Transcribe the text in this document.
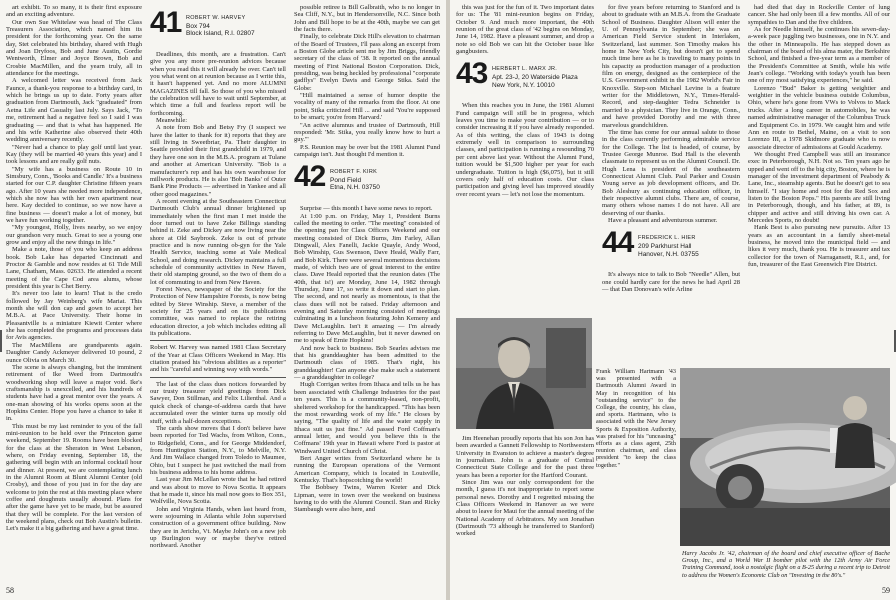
art exhibit. To so many, it is their first exposure and an exciting adventure.

Our own Sue Whitelaw was head of The Class Treasurers Association, which named him its president for the forthcoming year. On the same day, Stet celebrated his birthday, shared with Hugh and Joan Dryfoos, Bob and June Austin, Gordie Wentworth, Elmer and Joyce Brown, Bob and Crosbie MacMillen, and the yearn truly, all in attendance for the meetings.

A welcomed letter was received from Jack Faunce, a thank-you response to a birthday card, in which he brings us up to date. Forty years after graduation from Dartmouth, Jack "graduated" from Aetna Life and Casualty last July. Says Jack, "To me, retirement had a negative feel so I said I was graduating — and that is what has happened. He and his wife Katherine also observed their 40th wedding anniversary recently.

"Never had a chance to play golf until last year. Kay (they will be married 40 years this year) and I took lessons and are really golf nuts.

"My wife has a business on Route 10 in Simsbury, Conn., 'Books and Candle.' It's a business started for our C.P. daughter Christine fifteen years ago. After 10 years she needed more independence, which she now has with her own apartment near here. Kay decided to continue, so we now have a fine business — doesn't make a lot of money, but we have fun working together.

"My youngest, Holly, lives nearby, so we enjoy our grandson very much. Great to see a young one grow and enjoy all the new things in life."

Make a note, those of you who keep an address book. Bob Lake has departed Cincinnati and Proctor & Gamble and now resides at 61 Tide Mill Lane, Chatham, Mass. 02633. He attended a recent meeting of the Cape Cod area alums, whose president this year is Chet Berry.

It's never too late to learn! That is the credo followed by Jay Weinberg's wife Mariat. This month she will don cap and gown to accept her M.B.A. at Pace University. Their home in Pleasantville is a miniature Kiewit Center where she has completed the programs and processes data for Avis agencies.

The MacMillens are grandparents again. Daughter Candy Ackmeyer delivered 10 pound, 2 ounce Olivia on March 30.

The scene is always changing, but the imminent retirement of Ike Weed from Dartmouth's woodworking shop will leave a major void. Ike's craftsmanship is unexcelled, and his hundreds of students have had a great mentor over the years. A one-man showing of his works opens soon at the Hopkins Center. Hope you have a chance to take it in.

This must be my last reminder to you of the fall mini-reunion to be held over the Princeton game weekend, September 19. Rooms have been blocked for the class at the Sheraton in West Lebanon, where, on Friday evening, September 18, the gathering will begin with an informal cocktail hour and dinner. At present, we are contemplating lunch in the Alumni Room at Blunt Alumni Center (old Crosby), and those of you just in for the day are welcome to join the rest at this meeting place where coffee and doughnuts usually abound. Plans for after the game have yet to be made, but be assured that they will be complete. For the last version of the weekend plans, check out Bob Austin's bulletin. Let's make it a big gathering and have a great time.

41 ROBERT W. HARVEY
Box 794
Block Island, R.I. 02807

Deadlines, this month, are a frustration. Can't give you any more pre-reunion advices because when you read this it will already be over. Can't tell you what went on at reunion because as I write this, it hasn't happened yet. And no more ALUMNI MAGAZINES till fall. So those of you who missed the celebration will have to wait until September, at which time a full and fearless report will be forthcoming.

Meanwhile:

A note from Bob and Betsy Fry (I suspect we have the latter to thank for it) reports that they are still living in Sweetbriar, Pa. Their daughter in Seattle provided their first grandchild in 1979, and they have one son in the M.B.A. program at Tulane and another at American University. "Bob is a manufacturer's rep and has his own warehouse for millwork products. He is also 'Bob Banks' of Outer Bank Pine Products — advertised in Yankee and all other good magazines."

A recent evening at the Southeastern Connecticut Dartmouth Club's annual dinner brightened up immediately when the first man I met inside the door turned out to have Zeke Billings standing behind it. Zeke and Dickey are now living near the shore at Old Saybrook. Zeke is out of private practice and is now running ob-gyn for the Yale Health Service, teaching some at Yale Medical School, and doing research. Dickey maintains a full schedule of community activities in New Haven, their old stamping ground, so the two of them do a lot of commuting to and from New Haven.

Forest News, newspaper of the Society for the Protection of New Hampshire Forests, is now being edited by Steve Winship. Steve, a member of the society for 25 years and on its publications committee, was named to replace the retiring education director, a job which includes editing all its publications.

Robert W. Harvey was named 1981 Class Secretary of the Year at Class Officers Weekend in May. His citation praised his "obvious abilities as a reporter" and his "careful and winning way with words."

The last of the class dues notices forwarded by our trusty treasurer yield greetings from Dick Sawyer, Don Stillman, and Felix Lilienthal. And a quick check of change-of-address cards that have accumulated over the winter turns up mostly old stuff, with a half-dozen exceptions.

The cards show moves that I don't believe have been reported for Ted Wachs, from Wilton, Conn., to Ridgefield, Conn., and for George Middendorf, from Huntington Station, N.Y., to Melville, N.Y. And Jim Wallace changed from Toledo to Maumee, Ohio, but I suspect he just switched the mail from his business address to his home address.

Last year Jim McLellan wrote that he had retired and was about to move to Nova Scotia. It appears that he made it, since his mail now goes to Box 351, Wolfville, Nova Scotia.

John and Virginia Hands, when last heard from, were sojourning in Atlanta while John supervised construction of a government office building. Now they are in Jericho, Vt. Maybe John's on a new job up Burlington way or maybe they've retired northward. Another

possible retiree is Bill Galbraith, who is no longer in Sea Cliff, N.Y., but in Hendersonville, N.C. Since both John and Bill hope to be at the 40th, maybe we can get the facts there.

Finally, to celebrate Dick Hill's elevation to chairman of the Board of Trustees, I'll pass along an excerpt from a Boston Globe article sent me by Jim Briggs, friendly secretary of the class of '38. It reported on the annual meeting of First National Boston Corporation. Dick, presiding, was being heckled by professional "corporate gadflys" Evelyn Davis and George Stika. Said the Globe:

"Hill maintained a sense of humor despite the vocality of many of the remarks from the floor. At one point, Stika criticized Hill ... and said 'You're supposed to be smart; you're from Harvard.'

"An active alumnus and trustee of Dartmouth, Hill responded: 'Mr. Stika, you really know how to hurt a guy.'"

P.S. Reunion may be over but the 1981 Alumni Fund campaign isn't. Just thought I'd mention it.

42 ROBERT F. KIRK
Pond Field
Etna, N.H. 03750

Surprise — this month I have some news to report.

At 1:00 p.m. on Friday, May 1, President Burns called the meeting to order. "The meeting" consisted of the opening pan for Class Officers Weekend and our meeting consisted of Dick Burns, Jim Farley, Allan Dingwall, Alex Fanelli, Jackie Quayle, Andy Wood, Bob Winship, Gus Swenson, Dave Heald, Wally Farr, and Bob Kirk. There were several momentous decisions made, of which two are of great interest to the entire class. Dave Heald reported that the reunion dates (The 40th, that is!) are Monday, June 14, 1982 through Thursday, June 17, so write it down and start to plan. The second, and not nearly as momentous, is that the class dues will not be raised. Friday afternoon and evening and Saturday morning consisted of meetings culminating in a luncheon featuring John Kemeny and Dave McLaughlin. Isn't it amazing — I'm already referring to Dave McLaughlin, but it never dawned on me to speak of Ernie Hopkins!

And now back to business. Bob Searles advises me that his granddaughter has been admitted to the Dartmouth class of 1985. That's right, his granddaughter! Can anyone else make such a statement — a granddaughter in college?

Hugh Corrigan writes from Ithaca and tells us he has been associated with Challenge Industries for the past ten years. This is a community-leased, non-profit, sheltered workshop for the handicapped. "This has been the most rewarding work of my life." He closes by saying, "The quality of life and the water supply in Ithaca suit us just fine." Ad passed Ford Coffman's annual letter, and would you believe this is the Coffmans' 19th year in Hawaii where Ford is pastor at Windward United Church of Christ.

Bert Anger writes from Switzerland where he is running the European operations of the Vermont American Company, which is located in Louisville, Kentucky. That's hopscotching the world!

The Bobbsey Twins, Warren Kreter and Dick Lipman, were in town over the weekend on business having to do with the Alumni Council. Stan and Ricky Stambaugh were also here, and

58

this was just for the fun of it. Two important dates for us: The '81 mini-reunion begins on Friday, October 9. And much more important, the 40th reunion of the great class of '42 begins on Monday, June 14, 1982. Have a pleasant summer, and drop a note so old Bob we can hit the October issue like gangbusters.

43 HERBERT L. MARX JR.
Apt. 23-J, 20 Waterside Plaza
New York, N.Y. 10010

When this reaches you in June, the 1981 Alumni Fund campaign will still be in progress, which leaves you time to make your contribution — or to consider increasing it if you have already responded. As of this writing, the class of 1943 is doing extremely well in comparison to surrounding classes, and participation is running a resounding 70 per cent above last year. Without the Alumni Fund, tuition would be $1,500 higher per year for each undergraduate. Tuition is high ($6,075), but it still covers only half of education costs. Our class participation and giving level has improved steadily over recent years — let's not lose the momentum.

Frank William Hartmann '43 was presented with a Dartmouth Alumni Award in May in recognition of his "outstanding service" to the College, the country, his class, and sports. Hartmann, who is associated with the New Jersey Sports & Exposition Authority, was praised for his "unceasing" efforts as a class agent, 25th reunion chairman, and class president "to keep the class together."

Jim Heenehan proudly reports that his son Jon has been awarded a Gannett Fellowship to Northwestern University in Evanston to achieve a master's degree in journalism. John is a graduate of Central Connecticut State College and for the past three years has been a reporter for the Hartford Courant.

Since Jim was our only correspondent for the month, I guess it's not inappropriate to report some personal news. Dorothy and I regretted missing the Class Officers Weekend in Hanover as we were about to leave for Maui for the annual meeting of the National Academy of Arbitrators. My son Jonathan (Dartmouth '73 although he transferred to Stanford) worked

for five years before returning to Stanford and is about to graduate with an M.B.A. from the Graduate School of Business. Daughter Alison will enter the U. of Pennsylvania in September; she was an American Field Service student in Interlaken, Switzerland, last summer. Son Timothy makes his home in New York City, but doesn't get to spend much time here as he is traveling to many points in his capacity as production manager of a production film on energy, designed as the centerpiece of the U.S. Government exhibit in the 1982 World's Fair in Knoxville. Step-son Michael Levine is a feature writer for the Middletown, N.Y., Times-Herald-Record, and step-daughter Tedra Schneider is married to a physician. They live in Orange, Conn., and have provided Dorothy and me with three marvelous grandchildren.

The time has come for our annual salute to those in the class currently performing admirable service for the College. The list is headed, of course, by Trustee George Munroe. Bud Hall is the eleventh classmate to represent us on the Alumni Council. Dr. Hugh Lena is president of the southeastern Connecticut Alumni Club. Paul Parker and Cousin Young serve as job development officers, and Dr. Bob Aleshury as continuing education officer, in their respective alumni clubs. There are, of course, many others whose names I do not have. All are deserving of our thanks.

Have a pleasant and adventurous summer.

44 FREDERICK L. HIER
209 Parkhurst Hall
Hanover, N.H. 03755

It's always nice to talk to Bob "Needle" Allen, but one could hardly care for the news he had April 28 — that Dan Donovan's wife Arline

had died that day in Rockville Center of lung cancer. She had only been ill a few months. All of our sympathies to Dan and the five children.

As for Needle himself, he continues his seven-day-a-week pace juggling two businesses, one in N.Y. and the other in Minneapolis. He has stepped down as chairman of the board of his alma mater, the Berkshire School, and finished a five-year term as a member of the President's Committee at Smith, while his wife Jean's college. "Working with today's youth has been one of my most satisfying experiences," he said.

Lorenzo "Bud" Baker is getting weightier and weightier in the vehicle business outside Columbus, Ohio, where he's gone from VWs to Volvos to Mack trucks. After a long career in automobiles, he was named administrative manager of the Columbus Truck and Equipment Co. in 1979. We caught him and wife Ann en route to Bethel, Maine, on a visit to son Lorenzo III, a 1978 Skidmore graduate who is now associate director of admissions at Gould Academy.

We thought Fred Campbell was still an insurance exec in Peterborough, N.H. Not so. Ten years ago he upped and went off to the big city, Boston, where he is manager of the investment department of Peabody & Lane, Inc., steamship agents. But he doesn't get to sea himself. "I stay home and root for the Red Sox and listen to the Boston Pops." His parents are still living in Peterborough, though, and his father, at 89, is chipper and active and still driving his own car. A Mercedes Sports, no doubt!

Hank Best is also pursuing new pursuits. After 13 years as an accountant in a family sheet-metal business, he moved into the municipal field — and likes it very much, thank you. He is treasurer and tax collector for the town of Narragansett, R.I., and, for fun, treasurer of the East Greenwich Fire District.

Harry Jacobs Jr. '42, chairman of the board and chief executive officer of Bache Group, Inc., and a World War II bomber pilot with the 12th Army Air Force Training Command, took a nostalgic flight on a B-25 during a recent trip to Detroit to address the Women's Economic Club on "Investing in the 80's."
59
